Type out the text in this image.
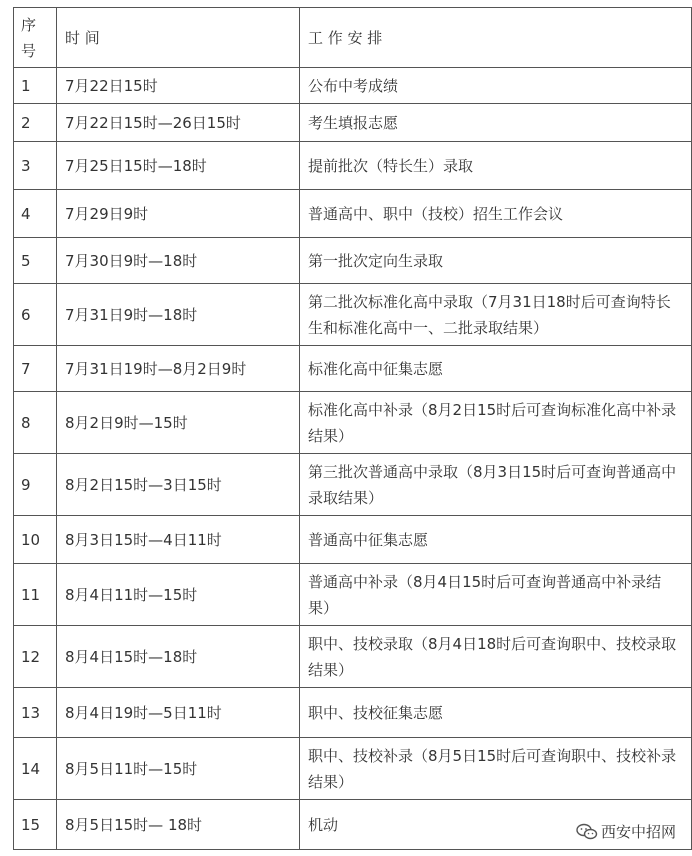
序
号	时 间	工 作 安 排
1	7月22日15时	公布中考成绩
2	7月22日15时—26日15时	考生填报志愿
3	7月25日15时—18时	提前批次（特长生）录取
4	7月29日9时	普通高中、职中（技校）招生工作会议
5	7月30日9时—18时	第一批次定向生录取
6	7月31日9时—18时	第二批次标准化高中录取（7月31日18时后可查询特长生和标准化高中一、二批录取结果）
7	7月31日19时—8月2日9时	标准化高中征集志愿
8	8月2日9时—15时	标准化高中补录（8月2日15时后可查询标准化高中补录结果）
9	8月2日15时—3日15时	第三批次普通高中录取（8月3日15时后可查询普通高中录取结果）
10	8月3日15时—4日11时	普通高中征集志愿
11	8月4日11时—15时	普通高中补录（8月4日15时后可查询普通高中补录结果）
12	8月4日15时—18时	职中、技校录取（8月4日18时后可查询职中、技校录取结果）
13	8月4日19时—5日11时	职中、技校征集志愿
14	8月5日11时—15时	职中、技校补录（8月5日15时后可查询职中、技校补录结果）
15	8月5日15时— 18时	机动	西安中招网
